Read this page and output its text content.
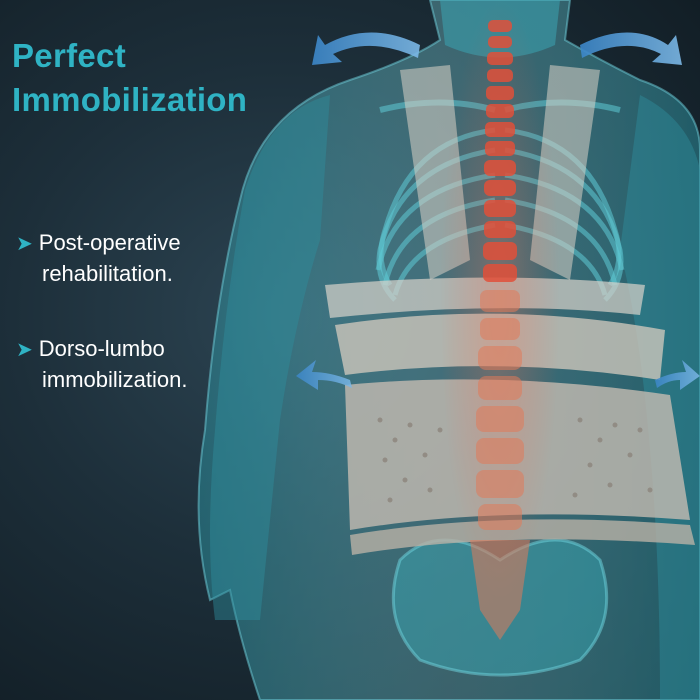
Perfect
Immobilization

➤ Post-operative
rehabilitation.

➤ Dorso-lumbo
immobilization.
